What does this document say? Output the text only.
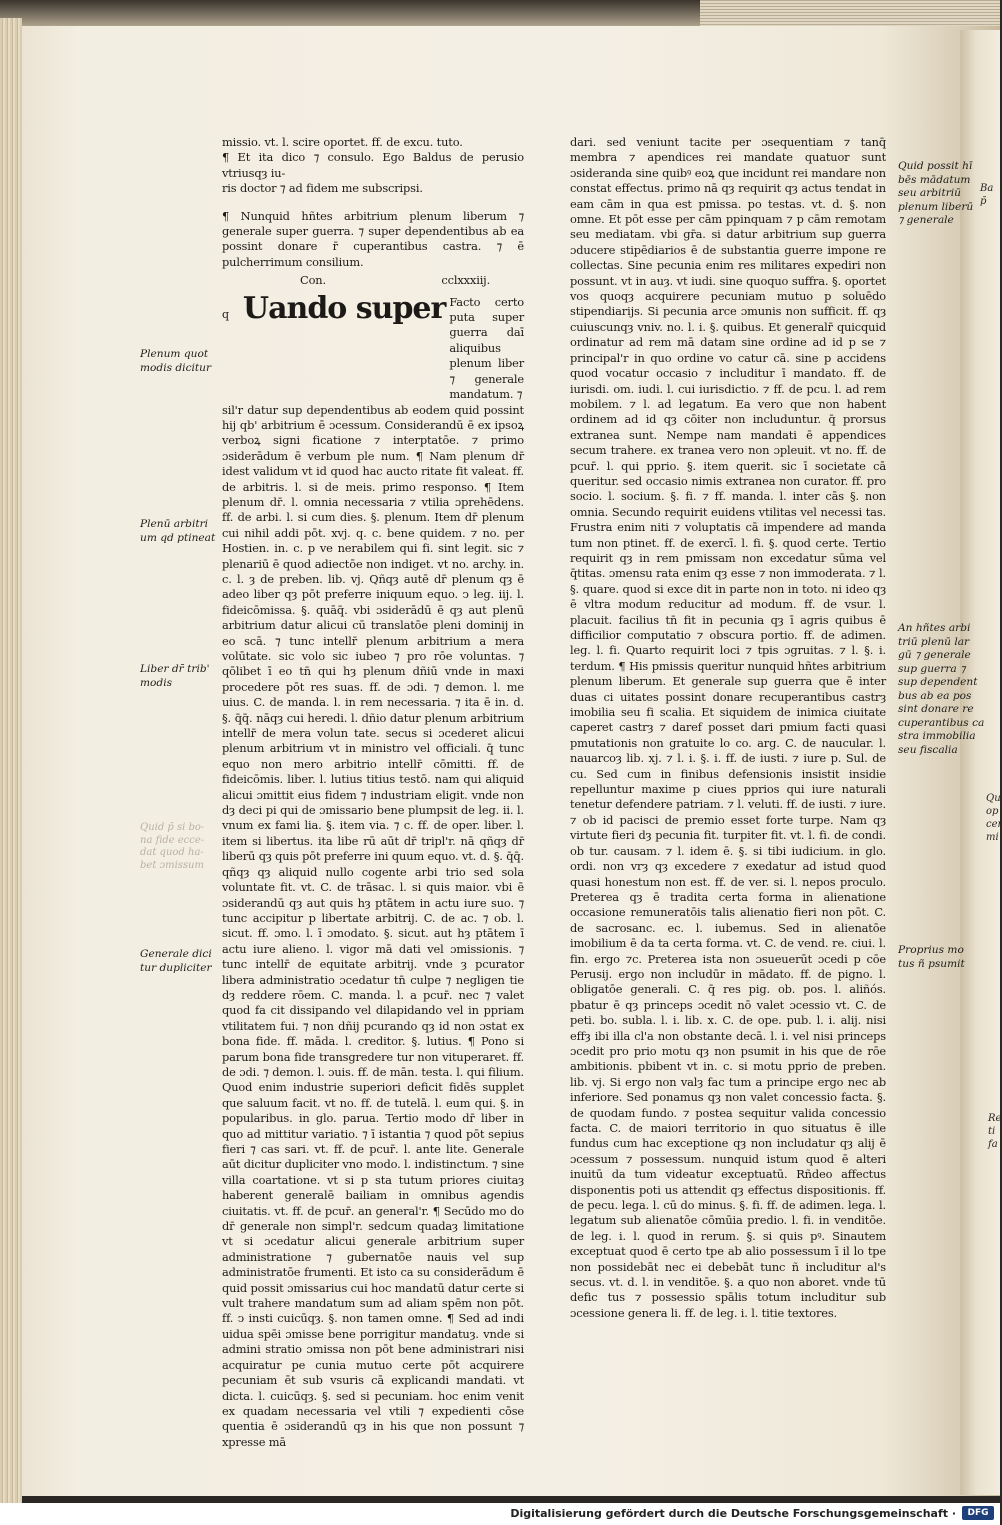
Ba
p̄
Qu
op
cer
mi
Re
ti
fa

missio. vt. l. scire oportet. ff. de excu. tuto.

¶ Et ita dico ⁊ consulo. Ego Baldus de perusio vtriusqȝ iu-

ris doctor ⁊ ad fidem me subscripsi.

¶ Nunquid hñtes arbitrium plenum liberum ⁊ generale super guerra. ⁊ super dependentibus ab ea possint donare r̄ cuperantibus castra. ⁊ ē pulcherrimum consilium.

Con.	cclxxxiij.
q Uando super Facto certo puta super guerra daī aliquibus plenum liber ⁊ generale mandatum. ⁊

sil'r datur sup dependentibus ab eodem quid possint hij qb' arbitrium ē ɔcessum. Considerandū ē ex ipsoꝝ verboꝝ signi ficatione ⁊ interptatōe. ⁊ primo ɔsiderādum ē verbum ple num. ¶ Nam plenum dr̄ idest validum vt id quod hac aucto ritate fit valeat. ff. de arbitris. l. si de meis. primo responso. ¶ Item plenum dr̄. l. omnia necessaria ⁊ vtilia ɔprehēdens. ff. de arbi. l. si cum dies. §. plenum. Item dr̄ plenum cui nihil addi pōt. xvj. q. c. bene quidem. ⁊ no. per Hostien. in. c. p ve nerabilem qui fi. sint legit. sic ⁊ plenariū ē quod adiectōe non indiget. vt no. archy. in. c. l. ȝ de preben. lib. vj. Qñqȝ autē dr̄ plenum qȝ ē adeo liber qȝ pōt preferre iniquum equo. ͻ leg. iij. l. fideicōmissa. §. quāq̄. vbi ɔsiderādū ē qȝ aut plenū arbitrium datur alicui cū translatōe pleni dominij in eo scā. ⁊ tunc intellr̄ plenum arbitrium a mera volūtate. sic volo sic iubeo ⁊ pro rōe voluntas. ⁊ qōlibet ī eo tn̄ qui hȝ plenum dñiū vnde in maxi procedere pōt res suas. ff. de ɔdi. ⁊ demon. l. me uius. C. de manda. l. in rem necessaria. ⁊ ita ē in. d. §. q̄q̄. nāqȝ cui heredi. l. dñio datur plenum arbitrium intellr̄ de mera volun tate. secus si ɔcederet alicui plenum arbitrium vt in ministro vel officiali. q̄ tunc equo non mero arbitrio intellr̄ cōmitti. ff. de fideicōmis. liber. l. lutius titius testō. nam qui aliquid alicui ɔmittit eius fidem ⁊ industriam eligit. vnde non dȝ deci pi qui de ɔmissario bene plumpsit de leg. ii. l. vnum ex fami lia. §. item via. ⁊ c. ff. de oper. liber. l. item si libertus. ita libe rū aūt dr̄ tripl'r. nā qñqȝ dr̄ liberū qȝ quis pōt preferre ini quum equo. vt. d. §. q̄q̄. qñqȝ qȝ aliquid nullo cogente arbi trio sed sola voluntate fit. vt. C. de trāsac. l. si quis maior. vbi ē ɔsiderandū qȝ aut quis hȝ ptātem in actu iure suo. ⁊ tunc accipitur p libertate arbitrij. C. de ac. ⁊ ob. l. sicut. ff. ɔmo. l. ī ɔmodato. §. sicut. aut hȝ ptātem ī actu iure alieno. l. vigor mā dati vel ɔmissionis. ⁊ tunc intellr̄ de equitate arbitrij. vnde ȝ pcurator libera administratio ɔcedatur tn̄ culpe ⁊ negligen tie dȝ reddere rōem. C. manda. l. a pcur̄. nec ⁊ valet quod fa cit dissipando vel dilapidando vel in ppriam vtilitatem fui. ⁊ non dñij pcurando qȝ id non ɔstat ex bona fide. ff. māda. l. creditor. §. lutius. ¶ Pono si parum bona fide transgredere tur non vituperaret. ff. de ɔdi. ⁊ demon. l. ɔuis. ff. de mān. testa. l. qui filium. Quod enim industrie superiori deficit fidēs supplet que saluum facit. vt no. ff. de tutelā. l. eum qui. §. in popularibus. in glo. parua. Tertio modo dr̄ liber in quo ad mittitur variatio. ⁊ ī istantia ⁊ quod pōt sepius fieri ⁊ cas sari. vt. ff. de pcur̄. l. ante lite. Generale aūt dicitur dupliciter vno modo. l. indistinctum. ⁊ sine villa coartatione. vt si p sta tutum priores ciuitaȝ haberent generalē bailiam in omnibus agendis ciuitatis. vt. ff. de pcur̄. an general'r. ¶ Secūdo mo do dr̄ generale non simpl'r. sedcum quadaȝ limitatione vt si ɔcedatur alicui generale arbitrium super administratione ⁊ gubernatōe nauis vel sup administratōe frumenti. Et isto ca su considerādum ē quid possit ɔmissarius cui hoc mandatū datur certe si vult trahere mandatum sum ad aliam spēm non pōt. ff. ͻ insti cuicūqȝ. §. non tamen omne. ¶ Sed ad indi uidua spēi ɔmisse bene porrigitur mandatuȝ. vnde si admini stratio ɔmissa non pōt bene administrari nisi acquiratur pe cunia mutuo certe pōt acquirere pecuniam ēt sub vsuris cā explicandi mandati. vt dicta. l. cuicūqȝ. §. sed si pecuniam. hoc enim venit ex quadam necessaria vel vtili ⁊ expedienti cōse quentia ē ɔsiderandū qȝ in his que non possunt ⁊ xpresse mā

dari. sed veniunt tacite per ɔsequentiam ⁊ tanq̄ membra ⁊ apendices rei mandate quatuor sunt ɔsideranda sine quibꝰ eoꝝ que incidunt rei mandare non constat effectus. primo nā qȝ requirit qȝ actus tendat in eam cām in qua est pmissa. po testas. vt. d. §. non omne. Et pōt esse per cām ppinquam ⁊ p cām remotam seu mediatam. vbi gr̄a. si datur arbitrium sup guerra ɔducere stipēdiarios ē de substantia guerre impone re collectas. Sine pecunia enim res militares expediri non possunt. vt in auȝ. vt iudi. sine quoquo suffra. §. oportet vos quoqȝ acquirere pecuniam mutuo p soluēdo stipendiarijs. Si pecunia arce ɔmunis non sufficit. ff. qȝ cuiuscunqȝ vniv. no. l. i. §. quibus. Et generalr̄ quicquid ordinatur ad rem mā datam sine ordine ad id p se ⁊ principal'r in quo ordine vo catur cā. sine p accidens quod vocatur occasio ⁊ includitur ī mandato. ff. de iurisdi. om. iudi. l. cui iurisdictio. ⁊ ff. de pcu. l. ad rem mobilem. ⁊ l. ad legatum. Ea vero que non habent ordinem ad id qȝ cōiter non includuntur. q̄ prorsus extranea sunt. Nempe nam mandati ē appendices secum trahere. ex tranea vero non ɔpleuit. vt no. ff. de pcur̄. l. qui pprio. §. item querit. sic ī societate cā queritur. sed occasio nimis extranea non curator. ff. pro socio. l. socium. §. fi. ⁊ ff. manda. l. inter cās §. non omnia. Secundo requirit euidens vtilitas vel necessi tas. Frustra enim niti ⁊ voluptatis cā impendere ad manda tum non ptinet. ff. de exercī. l. fi. §. quod certe. Tertio requirit qȝ in rem pmissam non excedatur sūma vel q̄titas. ɔmensu rata enim qȝ esse ⁊ non immoderata. ⁊ l. §. quare. quod si exce dit in parte non in toto. ni ideo qȝ ē vltra modum reducitur ad modum. ff. de vsur. l. placuit. facilius tn̄ fit in pecunia qȝ ī agris quibus ē difficilior computatio ⁊ obscura portio. ff. de adimen. leg. l. fi. Quarto requirit loci ⁊ tpis ɔgruitas. ⁊ l. §. i. terdum. ¶ His pmissis queritur nunquid hñtes arbitrium plenum liberum. Et generale sup guerra que ē inter duas ci uitates possint donare recuperantibus castrȝ imobilia seu fi scalia. Et siquidem de inimica ciuitate caperet castrȝ ⁊ daref posset dari pmium facti quasi pmutationis non gratuite lo co. arg. C. de naucular. l. nauarcoȝ lib. xj. ⁊ l. i. §. i. ff. de iusti. ⁊ iure p. Sul. de cu. Sed cum in finibus defensionis insistit insidie repelluntur maxime p ciues pprios qui iure naturali tenetur defendere patriam. ⁊ l. veluti. ff. de iusti. ⁊ iure. ⁊ ob id pacisci de premio esset forte turpe. Nam qȝ virtute fieri dȝ pecunia fit. turpiter fit. vt. l. fi. de condi. ob tur. causam. ⁊ l. idem ē. §. si tibi iudicium. in glo. ordi. non vrȝ qȝ excedere ⁊ exedatur ad istud quod quasi honestum non est. ff. de ver. si. l. nepos proculo. Preterea qȝ ē tradita certa forma in alienatione occasione remuneratōis talis alienatio fieri non pōt. C. de sacrosanc. ec. l. iubemus. Sed in alienatōe imobilium ē da ta certa forma. vt. C. de vend. re. ciui. l. fin. ergo ⁊c. Preterea ista non ɔsueuerūt ɔcedi p cōe Perusij. ergo non includūr in mādato. ff. de pigno. l. obligatōe generali. C. q̄ res pig. ob. pos. l. aliñós. pbatur ē qȝ princeps ɔcedit nō valet ɔcessio vt. C. de peti. bo. subla. l. i. lib. x. C. de ope. pub. l. i. alij. nisi effȝ ibi illa cl'a non obstante decā. l. i. vel nisi princeps ɔcedit pro prio motu qȝ non psumit in his que de rōe ambitionis. pbibent vt in. c. si motu pprio de preben. lib. vj. Si ergo non valȝ fac tum a principe ergo nec ab inferiore. Sed ponamus qȝ non valet concessio facta. §. de quodam fundo. ⁊ postea sequitur valida concessio facta. C. de maiori territorio in quo situatus ē ille fundus cum hac exceptione qȝ non includatur qȝ alij ē ɔcessum ⁊ possessum. nunquid istum quod ē alteri inuitū da tum videatur exceptuatū. Rñdeo affectus disponentis poti us attendit qȝ effectus dispositionis. ff. de pecu. lega. l. cū do minus. §. fi. ff. de adimen. lega. l. legatum sub alienatōe cōmūia predio. l. fi. in venditōe. de leg. i. l. quod in rerum. §. si quis pꝰ. Sinautem exceptuat quod ē certo tpe ab alio possessum ī il lo tpe non possidebāt nec ei debebāt tunc ñ includitur al's secus. vt. d. l. in venditōe. §. a quo non aboret. vnde tū defic tus ⁊ possessio spālis totum includitur sub ɔcessione genera li. ff. de leg. i. l. titie textores.

Plenum quot
modis dicitur
Plenū arbitri
um qd ptineat
Liber dr̄ trib'
modis
Quid p̄ si bo-
na fide ecce-
dat quod ha-
bet ɔmissum
Generale dici
tur dupliciter
Quid possit hī
bēs mādatum
seu arbitriū
plenum liberū
⁊ generale
An hñtes arbi
triū plenū lar
gū ⁊ generale
sup guerra ⁊
sup dependent
bus ab ea pos
sint donare re
cuperantibus ca
stra immobilia
seu fiscalia
Proprius mo
tus ñ psumit
Digitalisierung gefördert durch die Deutsche Forschungsgemeinschaft ·	DFG
